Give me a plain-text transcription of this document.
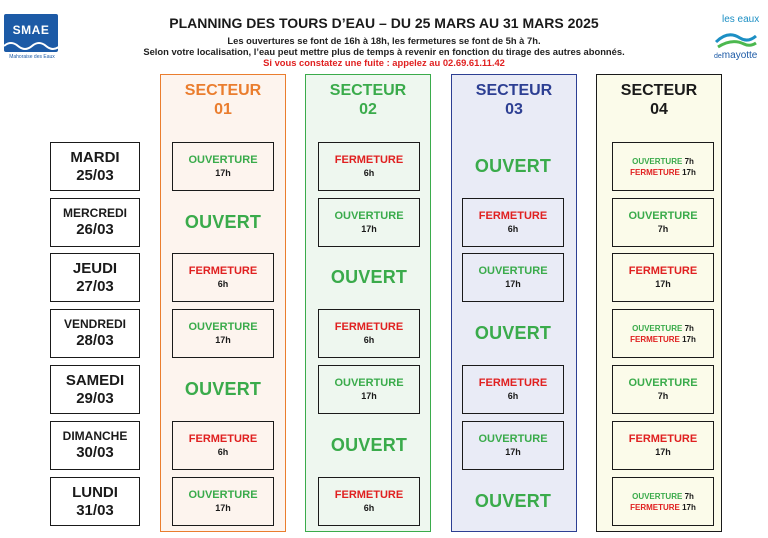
SMAE
Mahoraise des Eaux
les eaux
demayotte
PLANNING DES TOURS D’EAU – DU 25 MARS AU 31 MARS 2025
Les ouvertures se font de 16h à 18h, les fermetures se font de 5h à 7h.
Selon votre localisation, l’eau peut mettre plus de temps à revenir en fonction du tirage des autres abonnés.
Si vous constatez une fuite : appelez au 02.69.61.11.42
SECTEUR
01
SECTEUR
02
SECTEUR
03
SECTEUR
04
MARDI
25/03
MERCREDI
26/03
JEUDI
27/03
VENDREDI
28/03
SAMEDI
29/03
DIMANCHE
30/03
LUNDI
31/03
OUVERTURE
17h
OUVERT
FERMETURE
6h
OUVERTURE
17h
OUVERT
FERMETURE
6h
OUVERTURE
17h
FERMETURE
6h
OUVERTURE
17h
OUVERT
FERMETURE
6h
OUVERTURE
17h
OUVERT
FERMETURE
6h
OUVERT
FERMETURE
6h
OUVERTURE
17h
OUVERT
FERMETURE
6h
OUVERTURE
17h
OUVERT
OUVERTURE 7h
FERMETURE 17h
OUVERTURE
7h
FERMETURE
17h
OUVERTURE 7h
FERMETURE 17h
OUVERTURE
7h
FERMETURE
17h
OUVERTURE 7h
FERMETURE 17h
